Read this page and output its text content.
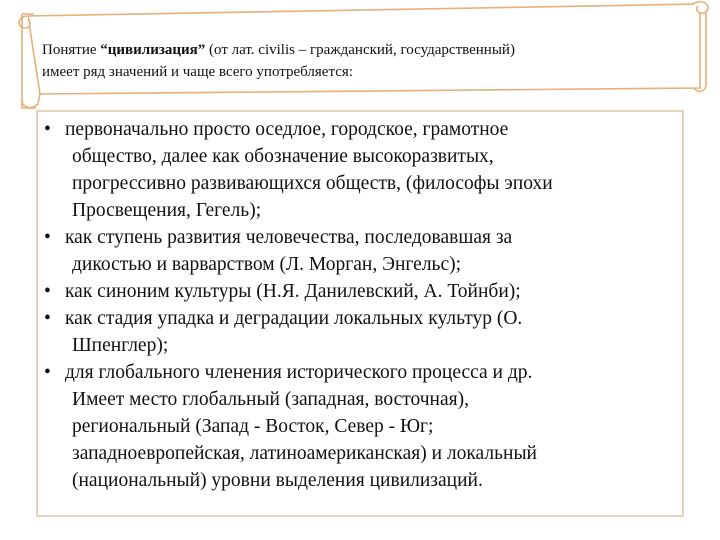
Понятие “цивилизация” (от лат. civilis – гражданский, государственный)
имеет ряд значений и чаще всего употребляется:
• первоначально просто оседлое, городское, грамотное
общество, далее как обозначение высокоразвитых,
прогрессивно развивающихся обществ, (философы эпохи
Просвещения, Гегель);
• как ступень развития человечества, последовавшая за
дикостью и варварством (Л. Морган, Энгельс);
• как синоним культуры (Н.Я. Данилевский, А. Тойнби);
• как стадия упадка и деградации локальных культур (О.
Шпенглер);
• для глобального членения исторического процесса и др.
Имеет место глобальный (западная, восточная),
региональный (Запад - Восток, Север - Юг;
западноевропейская, латиноамериканская) и локальный
(национальный) уровни выделения цивилизаций.
